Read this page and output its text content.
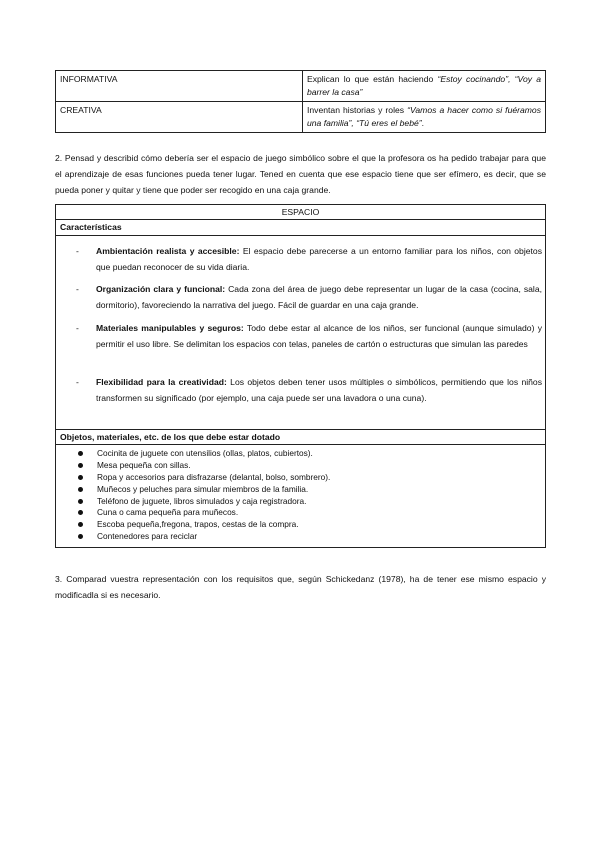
INFORMATIVA	Explican lo que están haciendo “Estoy cocinando”, “Voy a barrer la casa”
CREATIVA	Inventan historias y roles “Vamos a hacer como si fuéramos una familia”, “Tú eres el bebé”.
2. Pensad y describid cómo debería ser el espacio de juego simbólico sobre el que la profesora os ha pedido trabajar para que el aprendizaje de esas funciones pueda tener lugar. Tened en cuenta que ese espacio tiene que ser efímero, es decir, que se pueda poner y quitar y tiene que poder ser recogido en una caja grande.
ESPACIO
Características
-	Ambientación realista y accesible: El espacio debe parecerse a un entorno familiar para los niños, con objetos que puedan reconocer de su vida diaria.
-	Organización clara y funcional: Cada zona del área de juego debe representar un lugar de la casa (cocina, sala, dormitorio), favoreciendo la narrativa del juego. Fácil de guardar en una caja grande.
-	Materiales manipulables y seguros: Todo debe estar al alcance de los niños, ser funcional (aunque simulado) y permitir el uso libre. Se delimitan los espacios con telas, paneles de cartón o estructuras que simulan las paredes
-	Flexibilidad para la creatividad: Los objetos deben tener usos múltiples o simbólicos, permitiendo que los niños transformen su significado (por ejemplo, una caja puede ser una lavadora o una cuna).
Objetos, materiales, etc. de los que debe estar dotado
Cocinita de juguete con utensilios (ollas, platos, cubiertos).
Mesa pequeña con sillas.
Ropa y accesorios para disfrazarse (delantal, bolso, sombrero).
Muñecos y peluches para simular miembros de la familia.
Teléfono de juguete, libros simulados y caja registradora.
Cuna o cama pequeña para muñecos.
Escoba pequeña,fregona, trapos, cestas de la compra.
Contenedores para reciclar
3. Comparad vuestra representación con los requisitos que, según Schickedanz (1978), ha de tener ese mismo espacio y modificadla si es necesario.
